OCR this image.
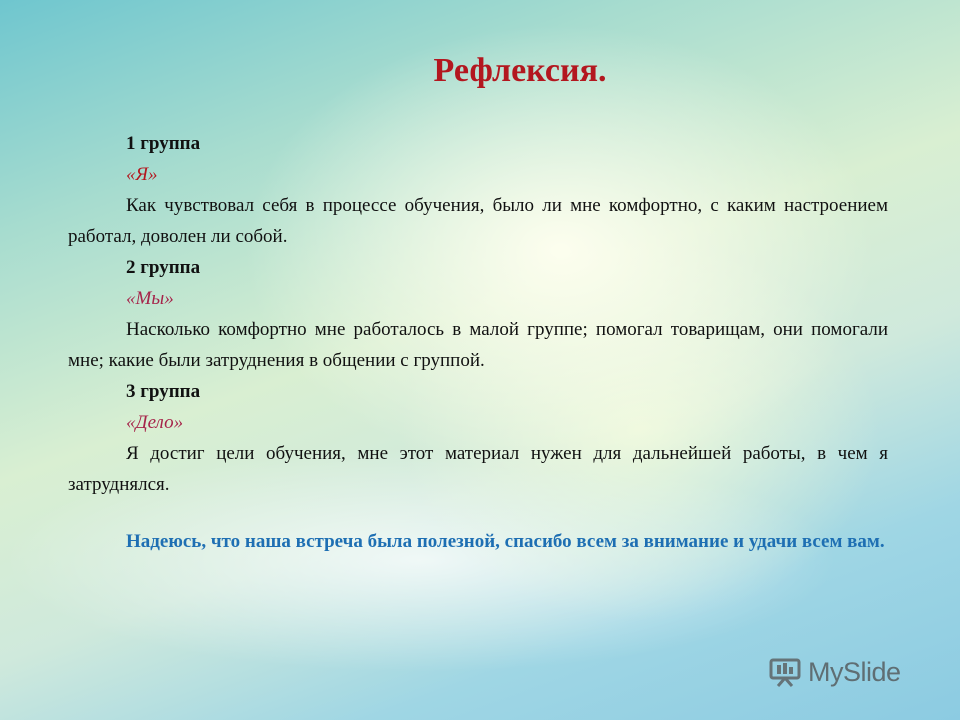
Рефлексия.

1 группа

«Я»

Как чувствовал себя в процессе обучения, было ли мне комфортно, с каким настроением работал, доволен ли собой.

2 группа

«Мы»

Насколько комфортно мне работалось в малой группе; помогал товарищам, они помогали мне; какие были затруднения в общении с группой.

3 группа

«Дело»

Я достиг цели обучения, мне этот материал нужен для дальнейшей работы, в чем я затруднялся.

Надеюсь, что наша встреча была полезной, спасибо всем за внимание и удачи всем вам.

MySlide
